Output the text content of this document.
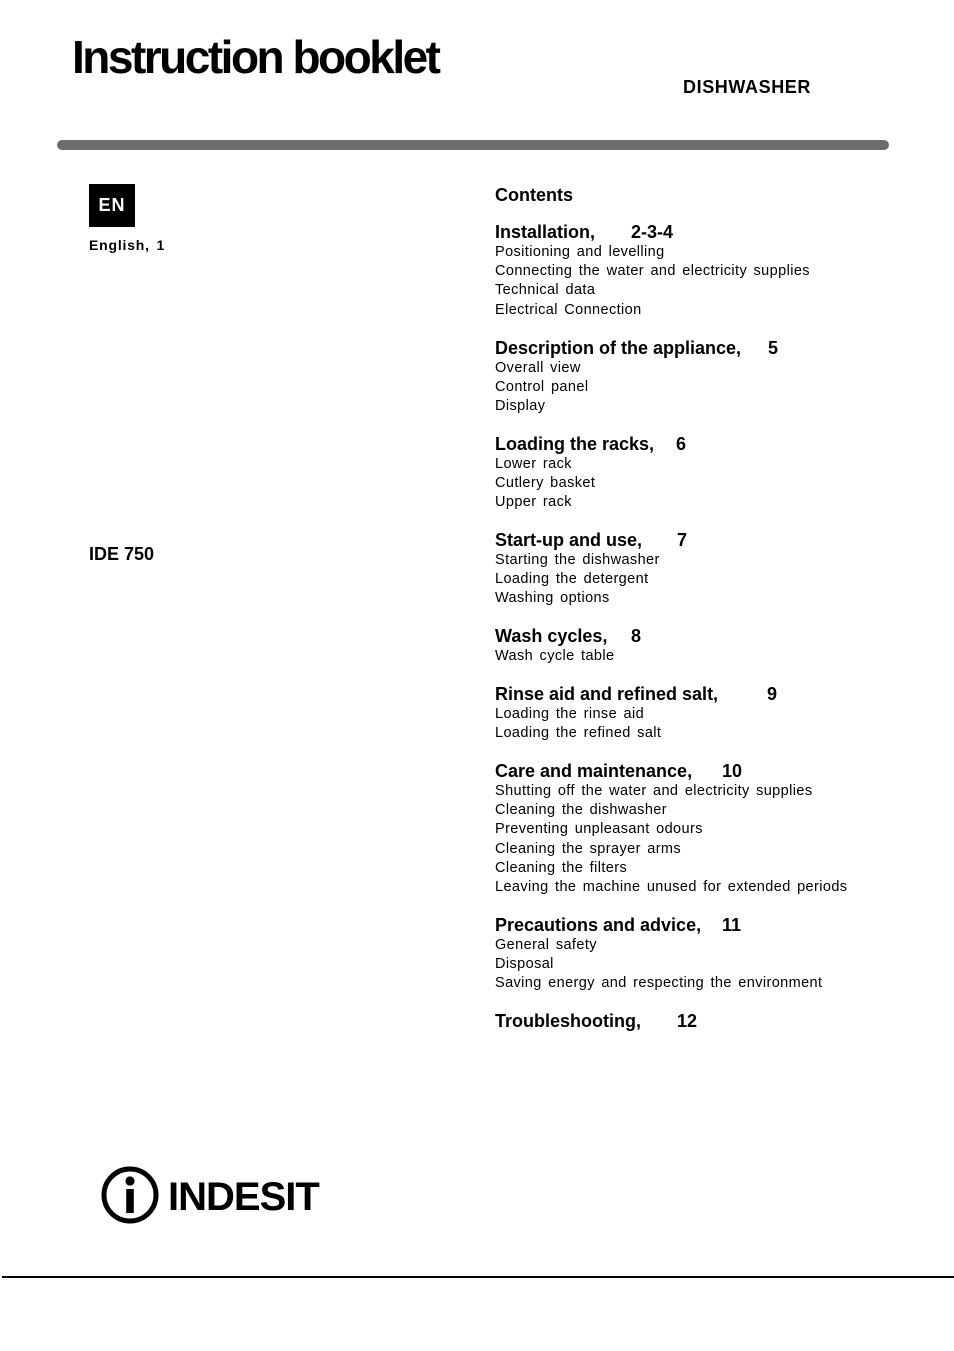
Instruction booklet
DISHWASHER
EN
English, 1
IDE 750
Contents
Installation, 2-3-4
Positioning and levelling
Connecting the water and electricity supplies
Technical data
Electrical Connection
Description of the appliance, 5
Overall view
Control panel
Display
Loading the racks, 6
Lower rack
Cutlery basket
Upper rack
Start-up and use, 7
Starting the dishwasher
Loading the detergent
Washing options
Wash cycles, 8
Wash cycle table
Rinse aid and refined salt,	9
Loading the rinse aid
Loading the refined salt
Care and maintenance, 10
Shutting off the water and electricity supplies
Cleaning the dishwasher
Preventing unpleasant odours
Cleaning the sprayer arms
Cleaning the filters
Leaving the machine unused for extended periods
Precautions and advice, 11
General safety
Disposal
Saving energy and respecting the environment
Troubleshooting, 12
INDESIT
